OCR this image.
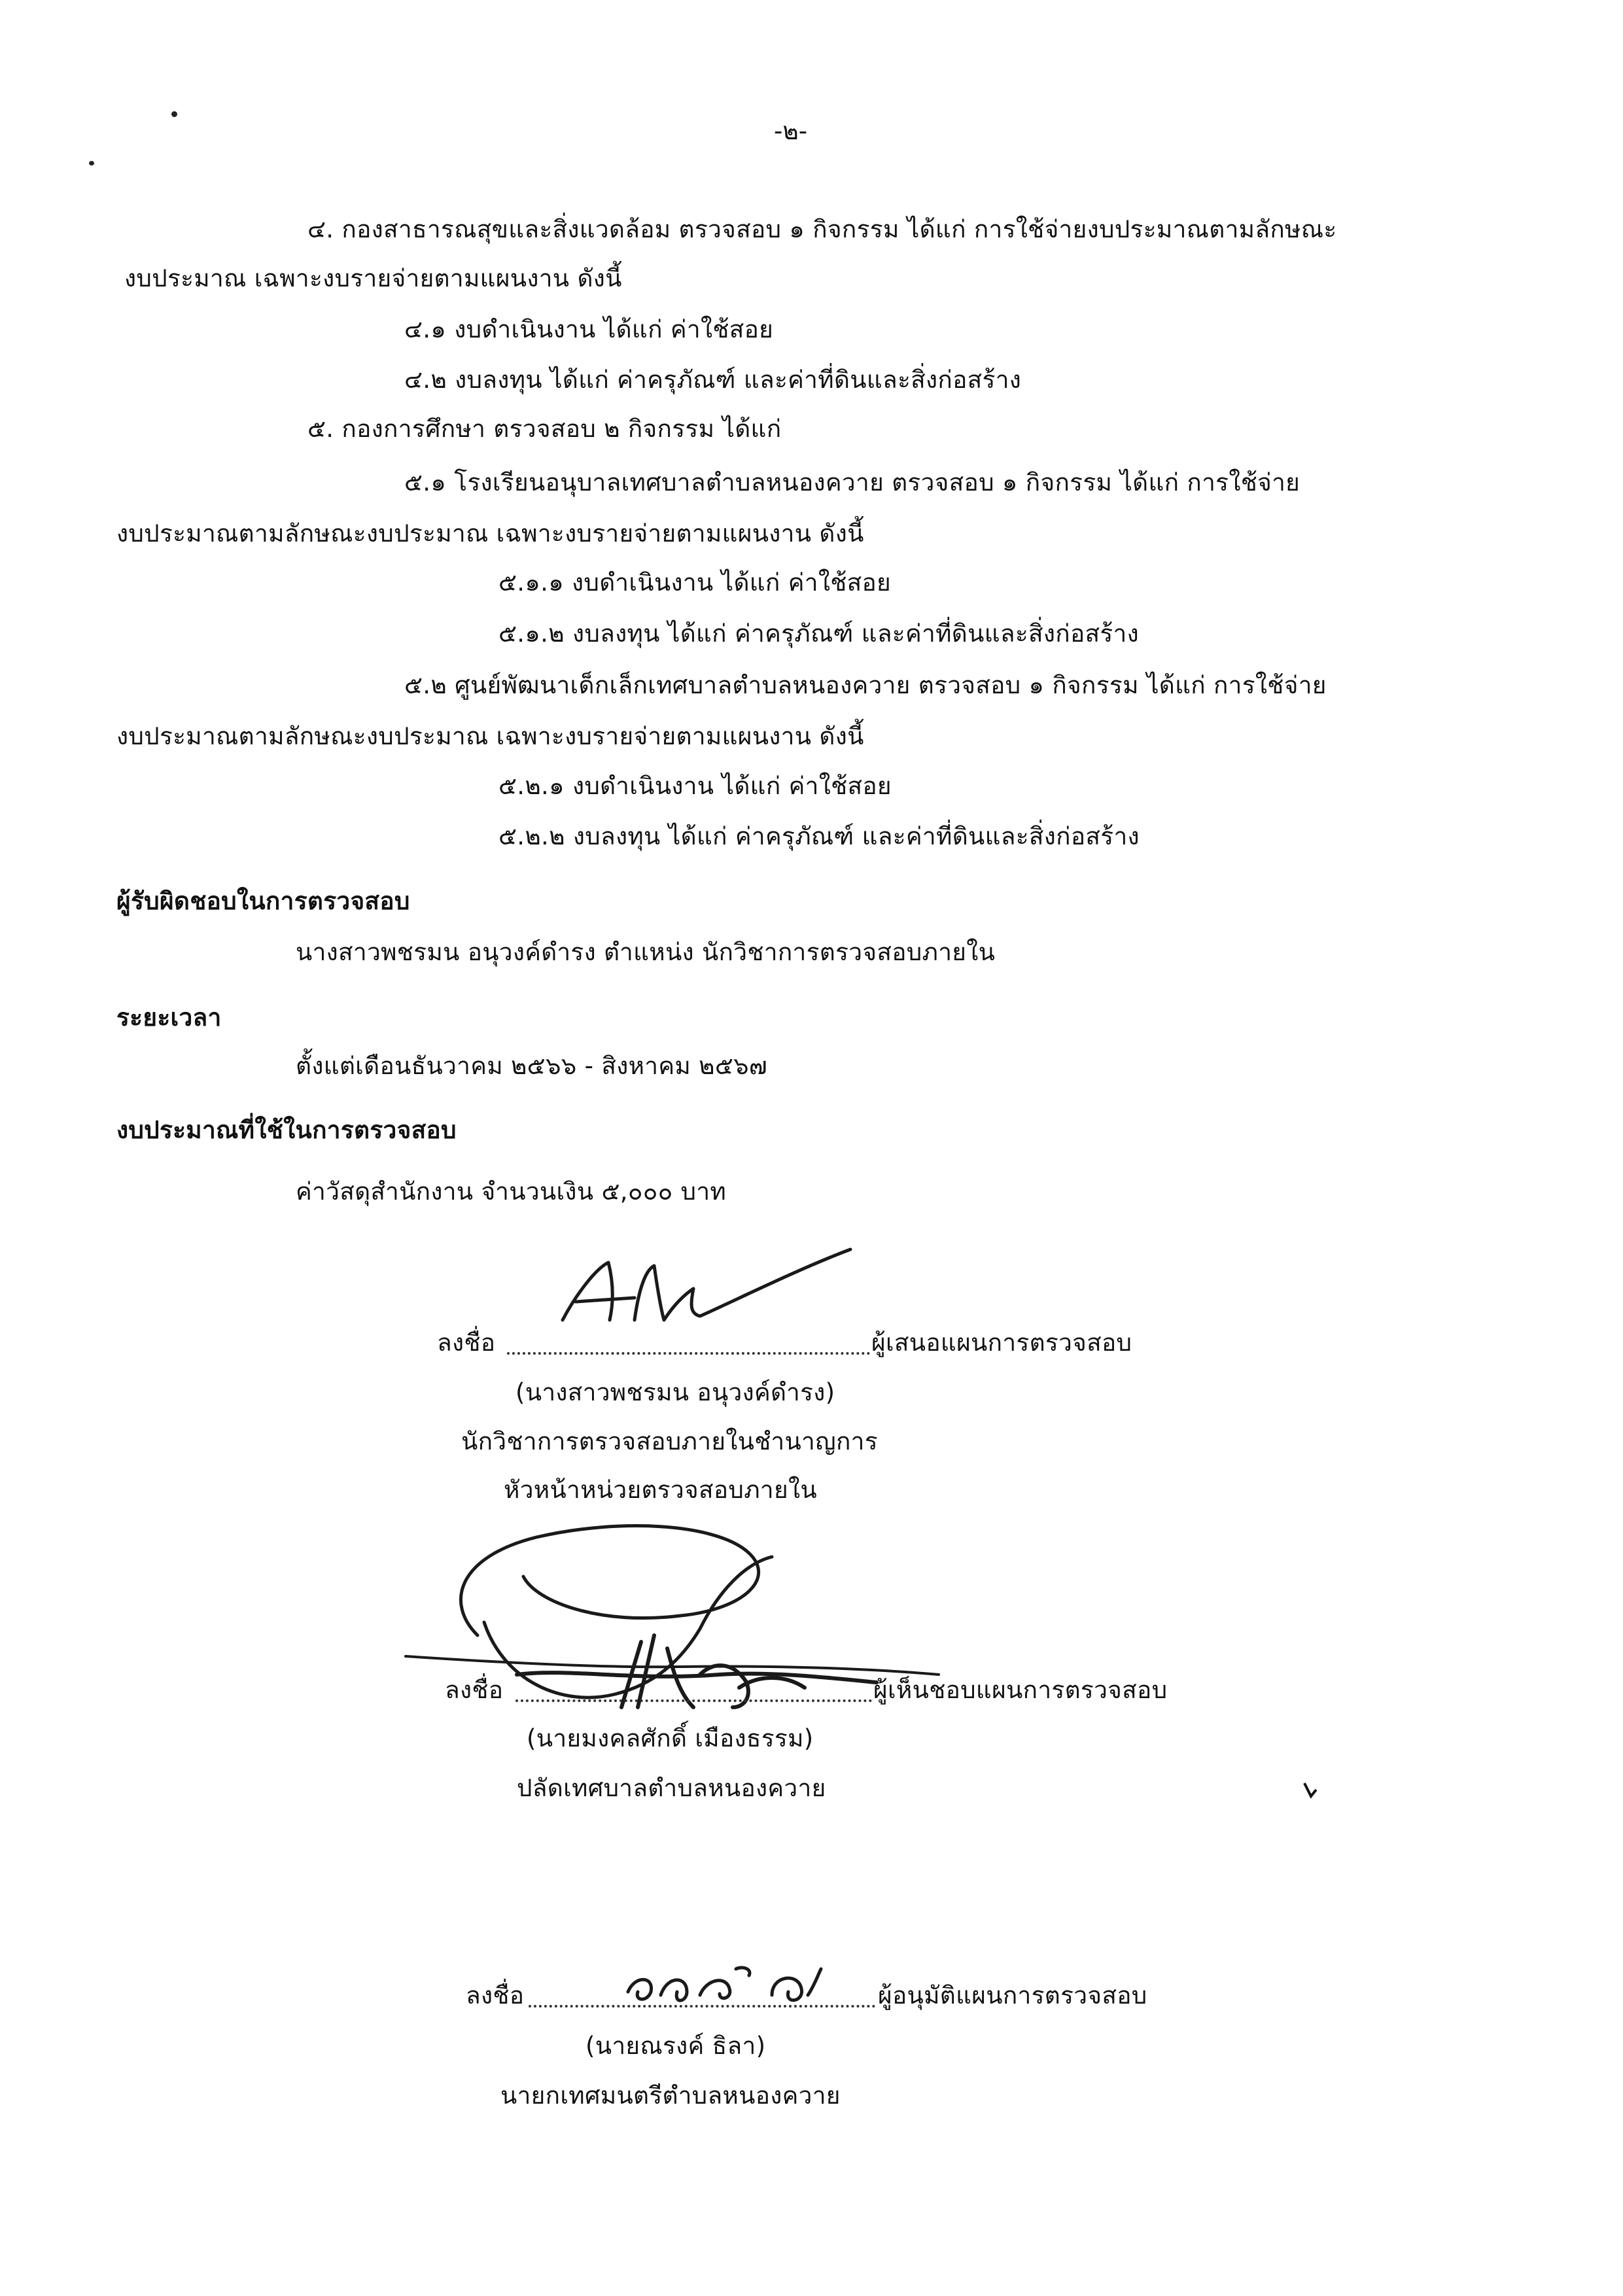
-๒-
๔. กองสาธารณสุขและสิ่งแวดล้อม ตรวจสอบ ๑ กิจกรรม ได้แก่ การใช้จ่ายงบประมาณตามลักษณะ
งบประมาณ เฉพาะงบรายจ่ายตามแผนงาน ดังนี้
๔.๑ งบดำเนินงาน ได้แก่ ค่าใช้สอย
๔.๒ งบลงทุน ได้แก่ ค่าครุภัณฑ์ และค่าที่ดินและสิ่งก่อสร้าง
๕. กองการศึกษา ตรวจสอบ ๒ กิจกรรม ได้แก่
๕.๑ โรงเรียนอนุบาลเทศบาลตำบลหนองควาย ตรวจสอบ ๑ กิจกรรม ได้แก่ การใช้จ่าย
งบประมาณตามลักษณะงบประมาณ เฉพาะงบรายจ่ายตามแผนงาน ดังนี้
๕.๑.๑ งบดำเนินงาน ได้แก่ ค่าใช้สอย
๕.๑.๒ งบลงทุน ได้แก่ ค่าครุภัณฑ์ และค่าที่ดินและสิ่งก่อสร้าง
๕.๒ ศูนย์พัฒนาเด็กเล็กเทศบาลตำบลหนองควาย ตรวจสอบ ๑ กิจกรรม ได้แก่ การใช้จ่าย
งบประมาณตามลักษณะงบประมาณ เฉพาะงบรายจ่ายตามแผนงาน ดังนี้
๕.๒.๑ งบดำเนินงาน ได้แก่ ค่าใช้สอย
๕.๒.๒ งบลงทุน ได้แก่ ค่าครุภัณฑ์ และค่าที่ดินและสิ่งก่อสร้าง
ผู้รับผิดชอบในการตรวจสอบ
นางสาวพชรมน อนุวงค์ดำรง ตำแหน่ง นักวิชาการตรวจสอบภายใน
ระยะเวลา
ตั้งแต่เดือนธันวาคม ๒๕๖๖ - สิงหาคม ๒๕๖๗
งบประมาณที่ใช้ในการตรวจสอบ
ค่าวัสดุสำนักงาน จำนวนเงิน ๕,๐๐๐ บาท
ลงชื่อ	ผู้เสนอแผนการตรวจสอบ
(นางสาวพชรมน อนุวงค์ดำรง)
นักวิชาการตรวจสอบภายในชำนาญการ
หัวหน้าหน่วยตรวจสอบภายใน
ลงชื่อ	ผู้เห็นชอบแผนการตรวจสอบ
(นายมงคลศักดิ์ เมืองธรรม)
ปลัดเทศบาลตำบลหนองควาย
ลงชื่อ	ผู้อนุมัติแผนการตรวจสอบ
(นายณรงค์ ธิลา)
นายกเทศมนตรีตำบลหนองควาย
